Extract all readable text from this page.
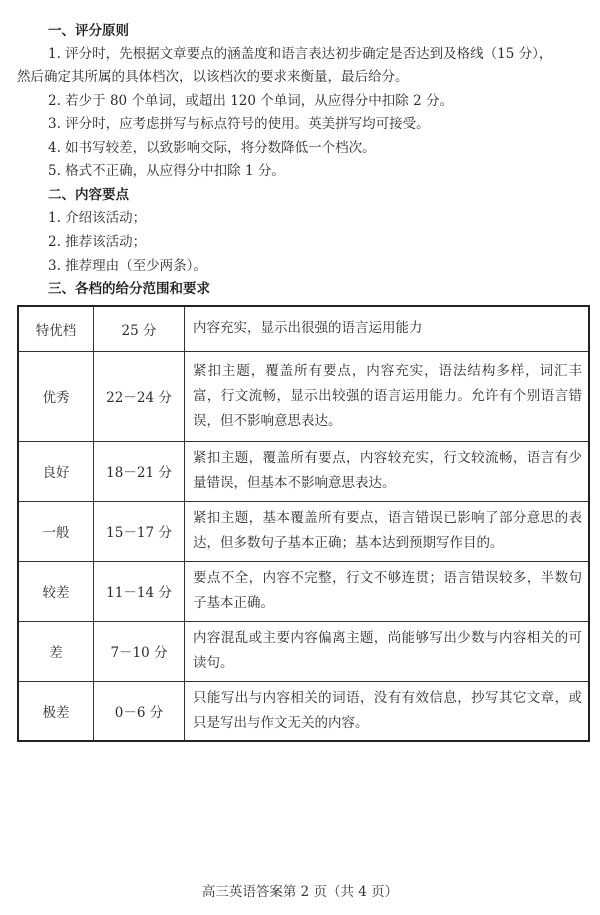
一、评分原则
1. 评分时，先根据文章要点的涵盖度和语言表达初步确定是否达到及格线（15 分），
然后确定其所属的具体档次，以该档次的要求来衡量，最后给分。
2. 若少于 80 个单词，或超出 120 个单词，从应得分中扣除 2 分。
3. 评分时，应考虑拼写与标点符号的使用。英美拼写均可接受。
4. 如书写较差，以致影响交际，将分数降低一个档次。
5. 格式不正确，从应得分中扣除 1 分。
二、内容要点
1. 介绍该活动；
2. 推荐该活动；
3. 推荐理由（至少两条）。
三、各档的给分范围和要求
特优档	25 分	内容充实，显示出很强的语言运用能力
优秀	22－24 分	紧扣主题，覆盖所有要点，内容充实，语法结构多样，词汇丰富，行文流畅，显示出较强的语言运用能力。允许有个别语言错误，但不影响意思表达。
良好	18－21 分	紧扣主题，覆盖所有要点，内容较充实，行文较流畅，语言有少量错误，但基本不影响意思表达。
一般	15－17 分	紧扣主题，基本覆盖所有要点，语言错误已影响了部分意思的表达，但多数句子基本正确；基本达到预期写作目的。
较差	11－14 分	要点不全，内容不完整，行文不够连贯；语言错误较多，半数句子基本正确。
差	7－10 分	内容混乱或主要内容偏离主题，尚能够写出少数与内容相关的可读句。
极差	0－6 分	只能写出与内容相关的词语，没有有效信息，抄写其它文章，或只是写出与作文无关的内容。
高三英语答案第 2 页（共 4 页）
